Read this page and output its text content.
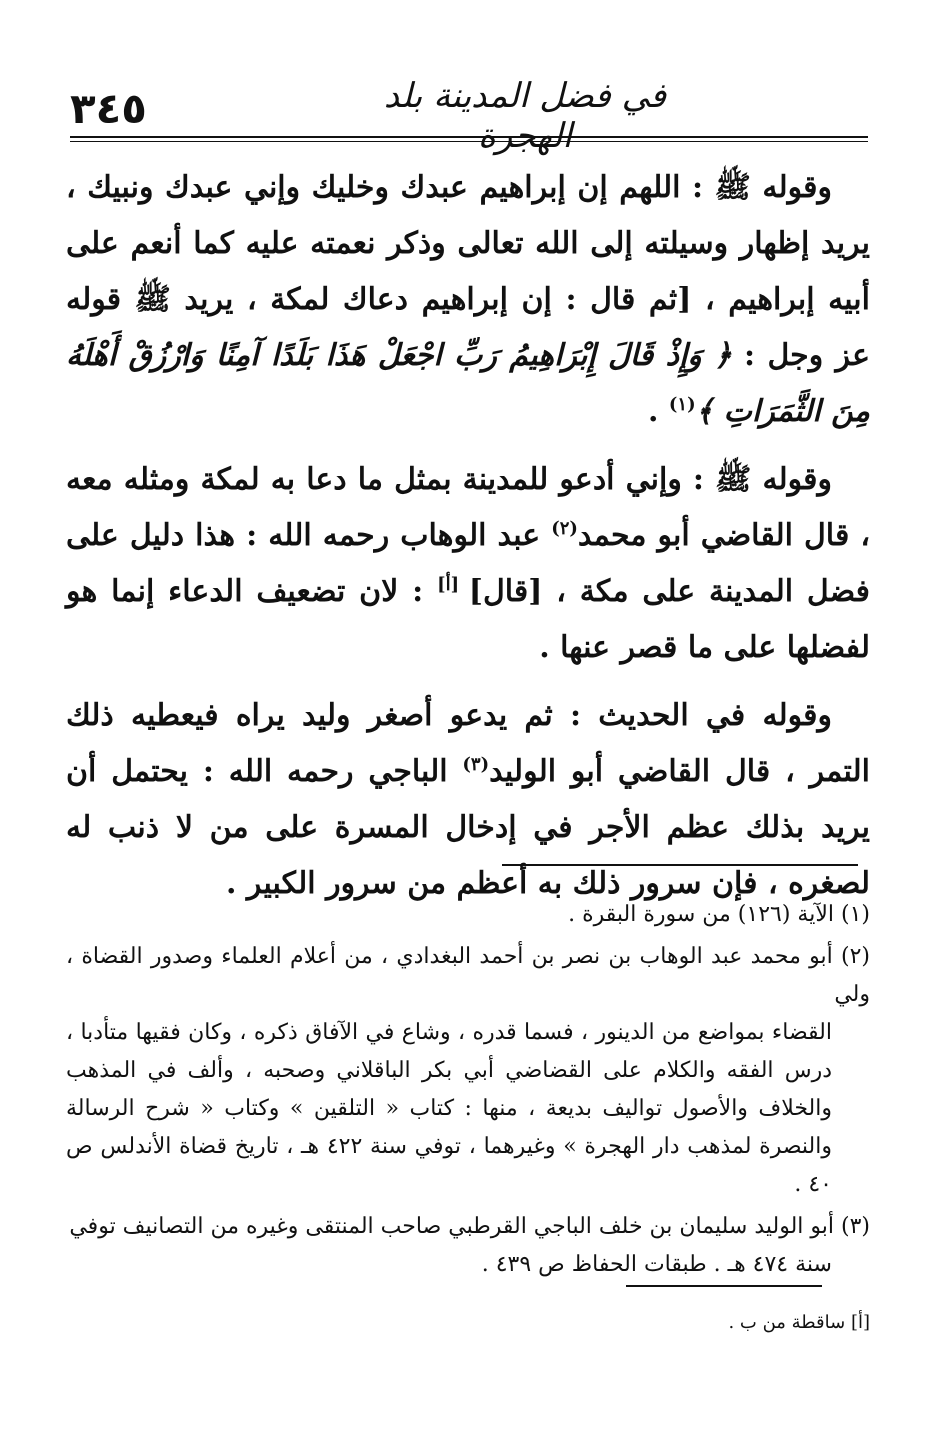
٣٤٥	في فضل المدينة بلد الهجرة

وقوله ﷺ : اللهم إن إبراهيم عبدك وخليك وإني عبدك ونبيك ، يريد إظهار وسيلته إلى الله تعالى وذكر نعمته عليه كما أنعم على أبيه إبراهيم ، [ثم قال : إن إبراهيم دعاك لمكة ، يريد ﷺ قوله عز وجل : ﴿ وَإِذْ قَالَ إِبْرَاهِيمُ رَبِّ اجْعَلْ هَذَا بَلَدًا آمِنًا وَارْزُقْ أَهْلَهُ مِنَ الثَّمَرَاتِ ﴾$^{(١)}$ .

وقوله ﷺ : وإني أدعو للمدينة بمثل ما دعا به لمكة ومثله معه ، قال القاضي أبو محمد$^{(٢)}$ عبد الوهاب رحمه الله : هذا دليل على فضل المدينة على مكة ، [قال] [أ] : لان تضعيف الدعاء إنما هو لفضلها على ما قصر عنها .

وقوله في الحديث : ثم يدعو أصغر وليد يراه فيعطيه ذلك التمر ، قال القاضي أبو الوليد$^{(٣)}$ الباجي رحمه الله : يحتمل أن يريد بذلك عظم الأجر في إدخال المسرة على من لا ذنب له لصغره ، فإن سرور ذلك به أعظم من سرور الكبير .

(١) الآية (١٢٦) من سورة البقرة .

(٢) أبو محمد عبد الوهاب بن نصر بن أحمد البغدادي ، من أعلام العلماء وصدور القضاة ، ولي

القضاء بمواضع من الدينور ، فسما قدره ، وشاع في الآفاق ذكره ، وكان فقيها متأدبا ، درس الفقه والكلام على القضاضي أبي بكر الباقلاني وصحبه ، وألف في المذهب والخلاف والأصول تواليف بديعة ، منها : كتاب « التلقين » وكتاب « شرح الرسالة والنصرة لمذهب دار الهجرة » وغيرهما ، توفي سنة ٤٢٢ هـ ، تاريخ قضاة الأندلس ص ٤٠ .

(٣) أبو الوليد سليمان بن خلف الباجي القرطبي صاحب المنتقى وغيره من التصانيف توفي

سنة ٤٧٤ هـ . طبقات الحفاظ ص ٤٣٩ .

[أ] ساقطة من ب .
